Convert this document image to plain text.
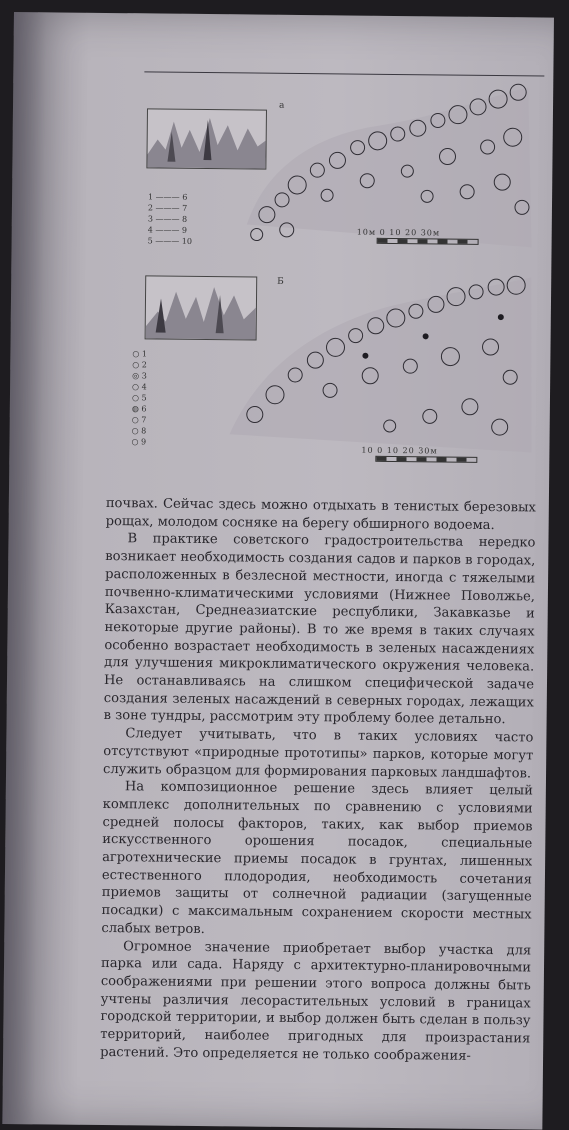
a
1 ——— 6
2 ——— 7
3 ——— 8
4 ——— 9
5 ——— 10
10м 0 10 20 30м
Б
○ 1
○ 2
◎ 3
○ 4
○ 5
◍ 6
○ 7
○ 8
○ 9
10 0 10 20 30м

почвах. Сейчас здесь можно отдыхать в тенистых березовых рощах, молодом сосняке на берегу обширного водоема.

В практике советского градостроительства нередко возникает необходимость создания садов и парков в городах, расположенных в безлесной местности, иногда с тяжелыми почвенно-климатическими условиями (Нижнее Поволжье, Казахстан, Среднеазиатские республики, Закавказье и некоторые другие районы). В то же время в таких случаях особенно возрастает необходимость в зеленых насаждениях для улучшения микроклиматического окружения человека. Не останавливаясь на слишком специфической задаче создания зеленых насаждений в северных городах, лежащих в зоне тундры, рассмотрим эту проблему более детально.

Следует учитывать, что в таких условиях часто отсутствуют «природные прототипы» парков, которые могут служить образцом для формирования парковых ландшафтов.

На композиционное решение здесь влияет целый комплекс дополнительных по сравнению с условиями средней полосы факторов, таких, как выбор приемов искусственного орошения посадок, специальные агротехнические приемы посадок в грунтах, лишенных естественного плодородия, необходимость сочетания приемов защиты от солнечной радиации (загущенные посадки) с максимальным сохранением скорости местных слабых ветров.

Огромное значение приобретает выбор участка для парка или сада. Наряду с архитектурно-планировочными соображениями при решении этого вопроса должны быть учтены различия лесорастительных условий в границах городской территории, и выбор должен быть сделан в пользу территорий, наиболее пригодных для произрастания растений. Это определяется не только соображения-
